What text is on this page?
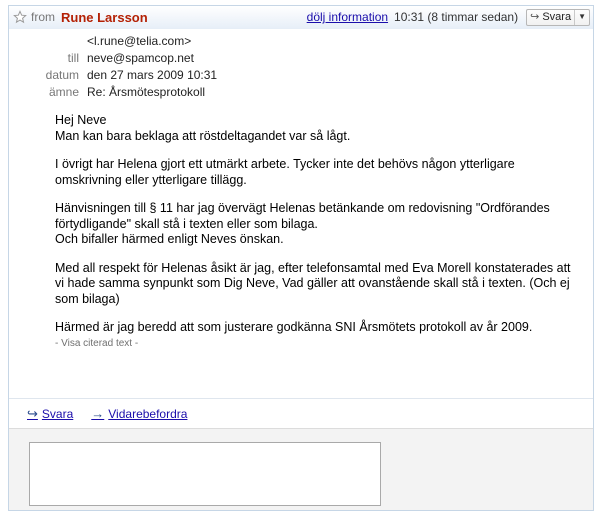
from Rune Larsson	dölj information 10:31 (8 timmar sedan) ↪ Svara ▼
<l.rune@telia.com>
till neve@spamcop.net
datum den 27 mars 2009 10:31
ämne Re: Årsmötesprotokoll

Hej Neve

Man kan bara beklaga att röstdeltagandet var så lågt.

I övrigt har Helena gjort ett utmärkt arbete. Tycker inte det behövs någon ytterligare omskrivning eller ytterligare tillägg.

Hänvisningen till § 11 har jag övervägt Helenas betänkande om redovisning "Ordförandes förtydligande" skall stå i texten eller som bilaga.

Och bifaller härmed enligt Neves önskan.

Med all respekt för Helenas åsikt är jag, efter telefonsamtal med Eva Morell konstaterades att vi hade samma synpunkt som Dig Neve, Vad gäller att ovanstående skall stå i texten. (Och ej som bilaga)

Härmed är jag beredd att som justerare godkänna SNI Årsmötets protokoll av år 2009.

- Visa citerad text -

↪ Svara → Vidarebefordra
